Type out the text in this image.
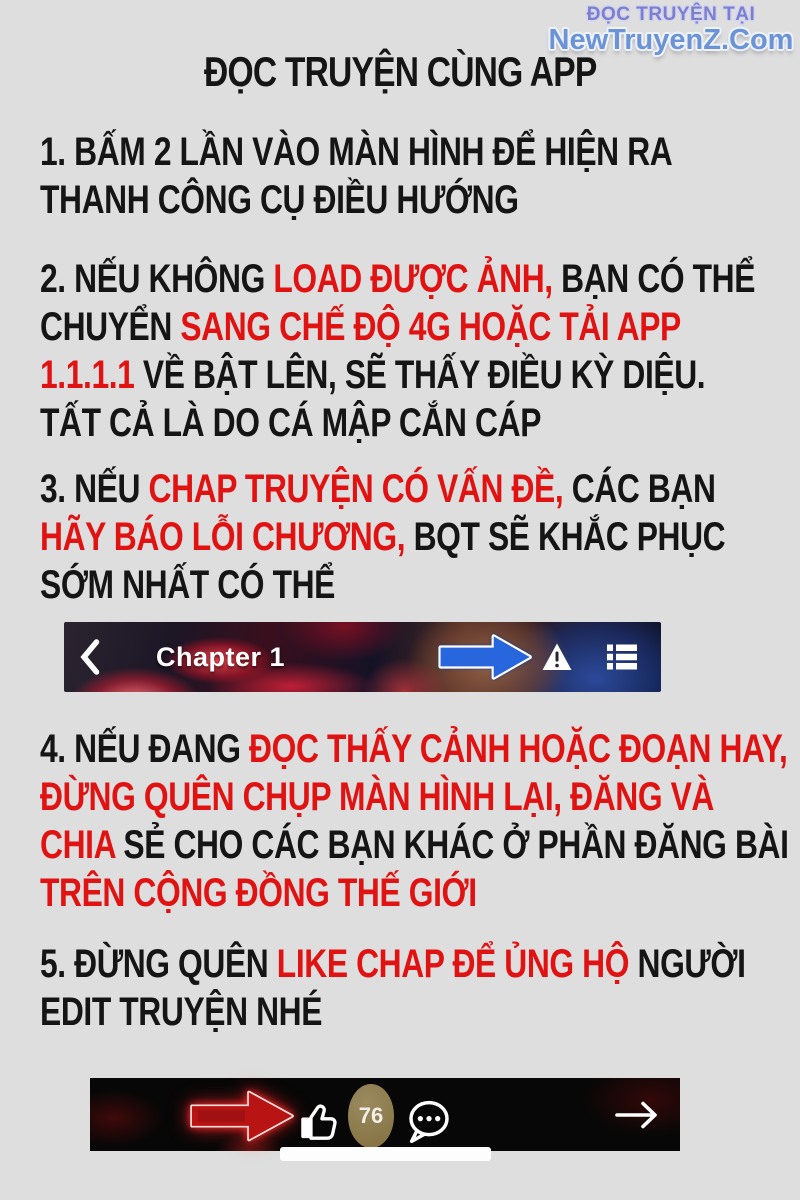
ĐỌC TRUYỆN TẠI
NewTruyenZ.Com
ĐỌC TRUYỆN CÙNG APP
1. BẤM 2 LẦN VÀO MÀN HÌNH ĐỂ HIỆN RA
THANH CÔNG CỤ ĐIỀU HƯỚNG
2. NẾU KHÔNG LOAD ĐƯỢC ẢNH, BẠN CÓ THỂ
CHUYỂN SANG CHẾ ĐỘ 4G HOẶC TẢI APP
1.1.1.1 VỀ BẬT LÊN, SẼ THẤY ĐIỀU KỲ DIỆU.
TẤT CẢ LÀ DO CÁ MẬP CẮN CÁP
3. NẾU CHAP TRUYỆN CÓ VẤN ĐỀ, CÁC BẠN
HÃY BÁO LỖI CHƯƠNG, BQT SẼ KHẮC PHỤC
SỚM NHẤT CÓ THỂ
Chapter 1
4. NẾU ĐANG ĐỌC THẤY CẢNH HOẶC ĐOẠN HAY,
ĐỪNG QUÊN CHỤP MÀN HÌNH LẠI, ĐĂNG VÀ
CHIA SẺ CHO CÁC BẠN KHÁC Ở PHẦN ĐĂNG BÀI
TRÊN CỘNG ĐỒNG THẾ GIỚI
5. ĐỪNG QUÊN LIKE CHAP ĐỂ ỦNG HỘ NGƯỜI
EDIT TRUYỆN NHÉ
76
